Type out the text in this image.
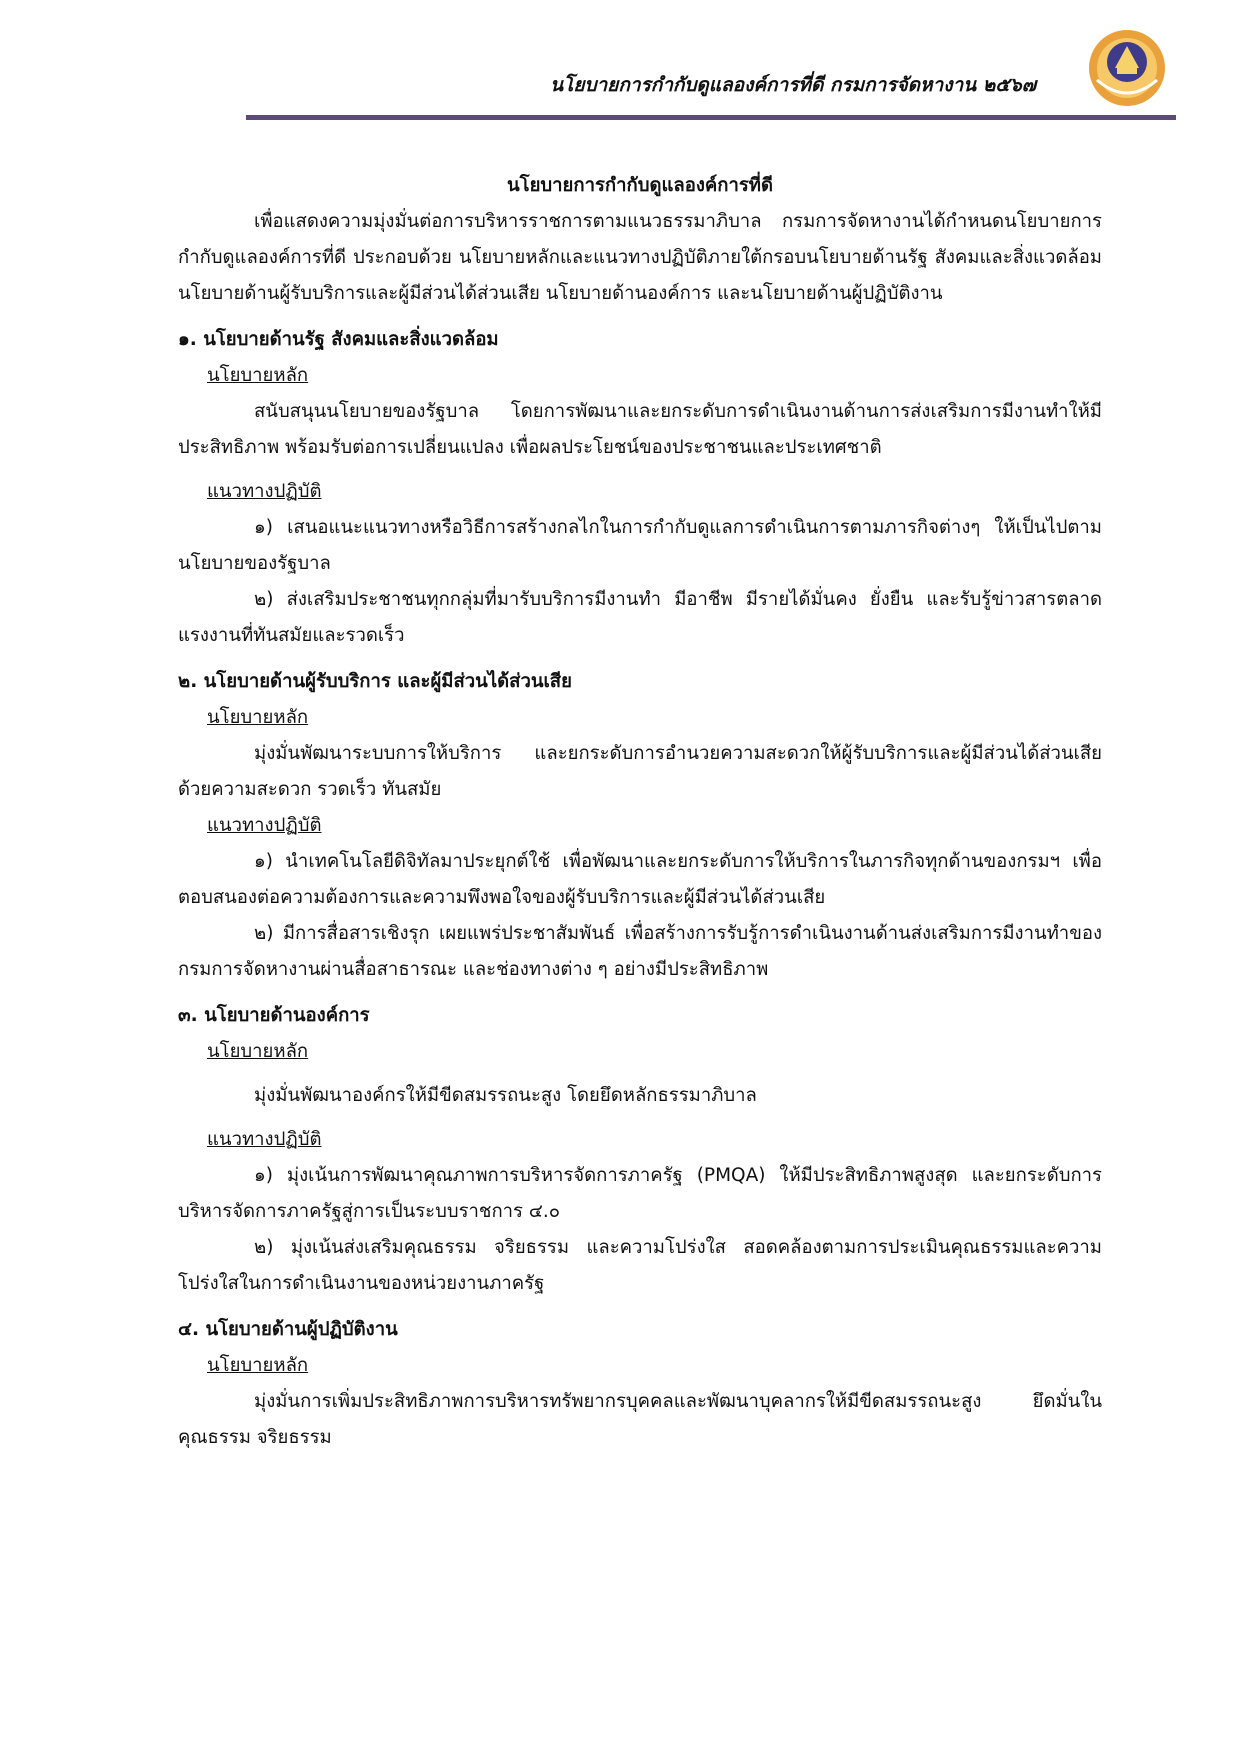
นโยบายการกำกับดูแลองค์การที่ดี กรมการจัดหางาน ๒๕๖๗

นโยบายการกำกับดูแลองค์การที่ดี

เพื่อแสดงความมุ่งมั่นต่อการบริหารราชการตามแนวธรรมาภิบาล กรมการจัดหางานได้กำหนดนโยบายการกำกับดูแลองค์การที่ดี ประกอบด้วย นโยบายหลักและแนวทางปฏิบัติภายใต้กรอบนโยบายด้านรัฐ สังคมและสิ่งแวดล้อม นโยบายด้านผู้รับบริการและผู้มีส่วนได้ส่วนเสีย นโยบายด้านองค์การ และนโยบายด้านผู้ปฏิบัติงาน

๑. นโยบายด้านรัฐ สังคมและสิ่งแวดล้อม

นโยบายหลัก

สนับสนุนนโยบายของรัฐบาล โดยการพัฒนาและยกระดับการดำเนินงานด้านการส่งเสริมการมีงานทำให้มีประสิทธิภาพ พร้อมรับต่อการเปลี่ยนแปลง เพื่อผลประโยชน์ของประชาชนและประเทศชาติ

แนวทางปฏิบัติ

๑) เสนอแนะแนวทางหรือวิธีการสร้างกลไกในการกำกับดูแลการดำเนินการตามภารกิจต่างๆ ให้เป็นไปตามนโยบายของรัฐบาล

๒) ส่งเสริมประชาชนทุกกลุ่มที่มารับบริการมีงานทำ มีอาชีพ มีรายได้มั่นคง ยั่งยืน และรับรู้ข่าวสารตลาดแรงงานที่ทันสมัยและรวดเร็ว

๒. นโยบายด้านผู้รับบริการ และผู้มีส่วนได้ส่วนเสีย

นโยบายหลัก

มุ่งมั่นพัฒนาระบบการให้บริการ และยกระดับการอำนวยความสะดวกให้ผู้รับบริการและผู้มีส่วนได้ส่วนเสีย ด้วยความสะดวก รวดเร็ว ทันสมัย

แนวทางปฏิบัติ

๑) นำเทคโนโลยีดิจิทัลมาประยุกต์ใช้ เพื่อพัฒนาและยกระดับการให้บริการในภารกิจทุกด้านของกรมฯ เพื่อตอบสนองต่อความต้องการและความพึงพอใจของผู้รับบริการและผู้มีส่วนได้ส่วนเสีย

๒) มีการสื่อสารเชิงรุก เผยแพร่ประชาสัมพันธ์ เพื่อสร้างการรับรู้การดำเนินงานด้านส่งเสริมการมีงานทำของกรมการจัดหางานผ่านสื่อสาธารณะ และช่องทางต่าง ๆ อย่างมีประสิทธิภาพ

๓. นโยบายด้านองค์การ

นโยบายหลัก

มุ่งมั่นพัฒนาองค์กรให้มีขีดสมรรถนะสูง โดยยึดหลักธรรมาภิบาล

แนวทางปฏิบัติ

๑) มุ่งเน้นการพัฒนาคุณภาพการบริหารจัดการภาครัฐ (PMQA) ให้มีประสิทธิภาพสูงสุด และยกระดับการบริหารจัดการภาครัฐสู่การเป็นระบบราชการ ๔.๐

๒) มุ่งเน้นส่งเสริมคุณธรรม จริยธรรม และความโปร่งใส สอดคล้องตามการประเมินคุณธรรมและความโปร่งใสในการดำเนินงานของหน่วยงานภาครัฐ

๔. นโยบายด้านผู้ปฏิบัติงาน

นโยบายหลัก

มุ่งมั่นการเพิ่มประสิทธิภาพการบริหารทรัพยากรบุคคลและพัฒนาบุคลากรให้มีขีดสมรรถนะสูง ยึดมั่นในคุณธรรม จริยธรรม
